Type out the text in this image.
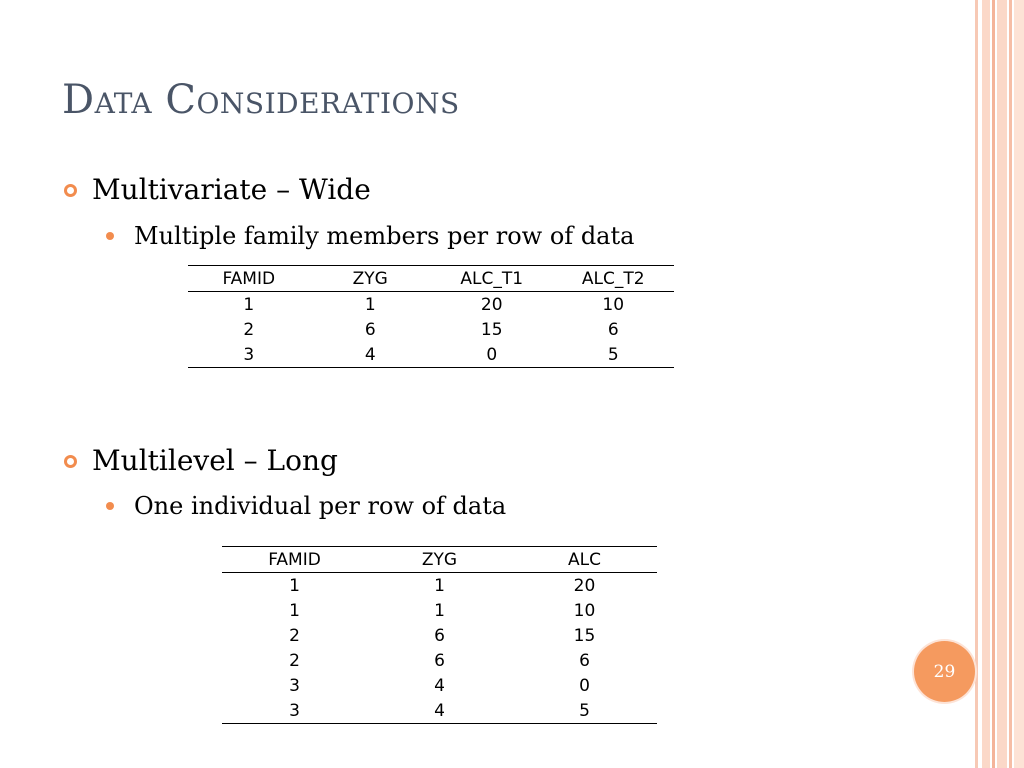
Data Considerations
Multivariate – Wide
Multiple family members per row of data
FAMID	ZYG	ALC_T1	ALC_T2
1	1	20	10
2	6	15	6
3	4	0	5
Multilevel – Long
One individual per row of data
FAMID	ZYG	ALC
1	1	20
1	1	10
2	6	15
2	6	6
3	4	0
3	4	5
29
